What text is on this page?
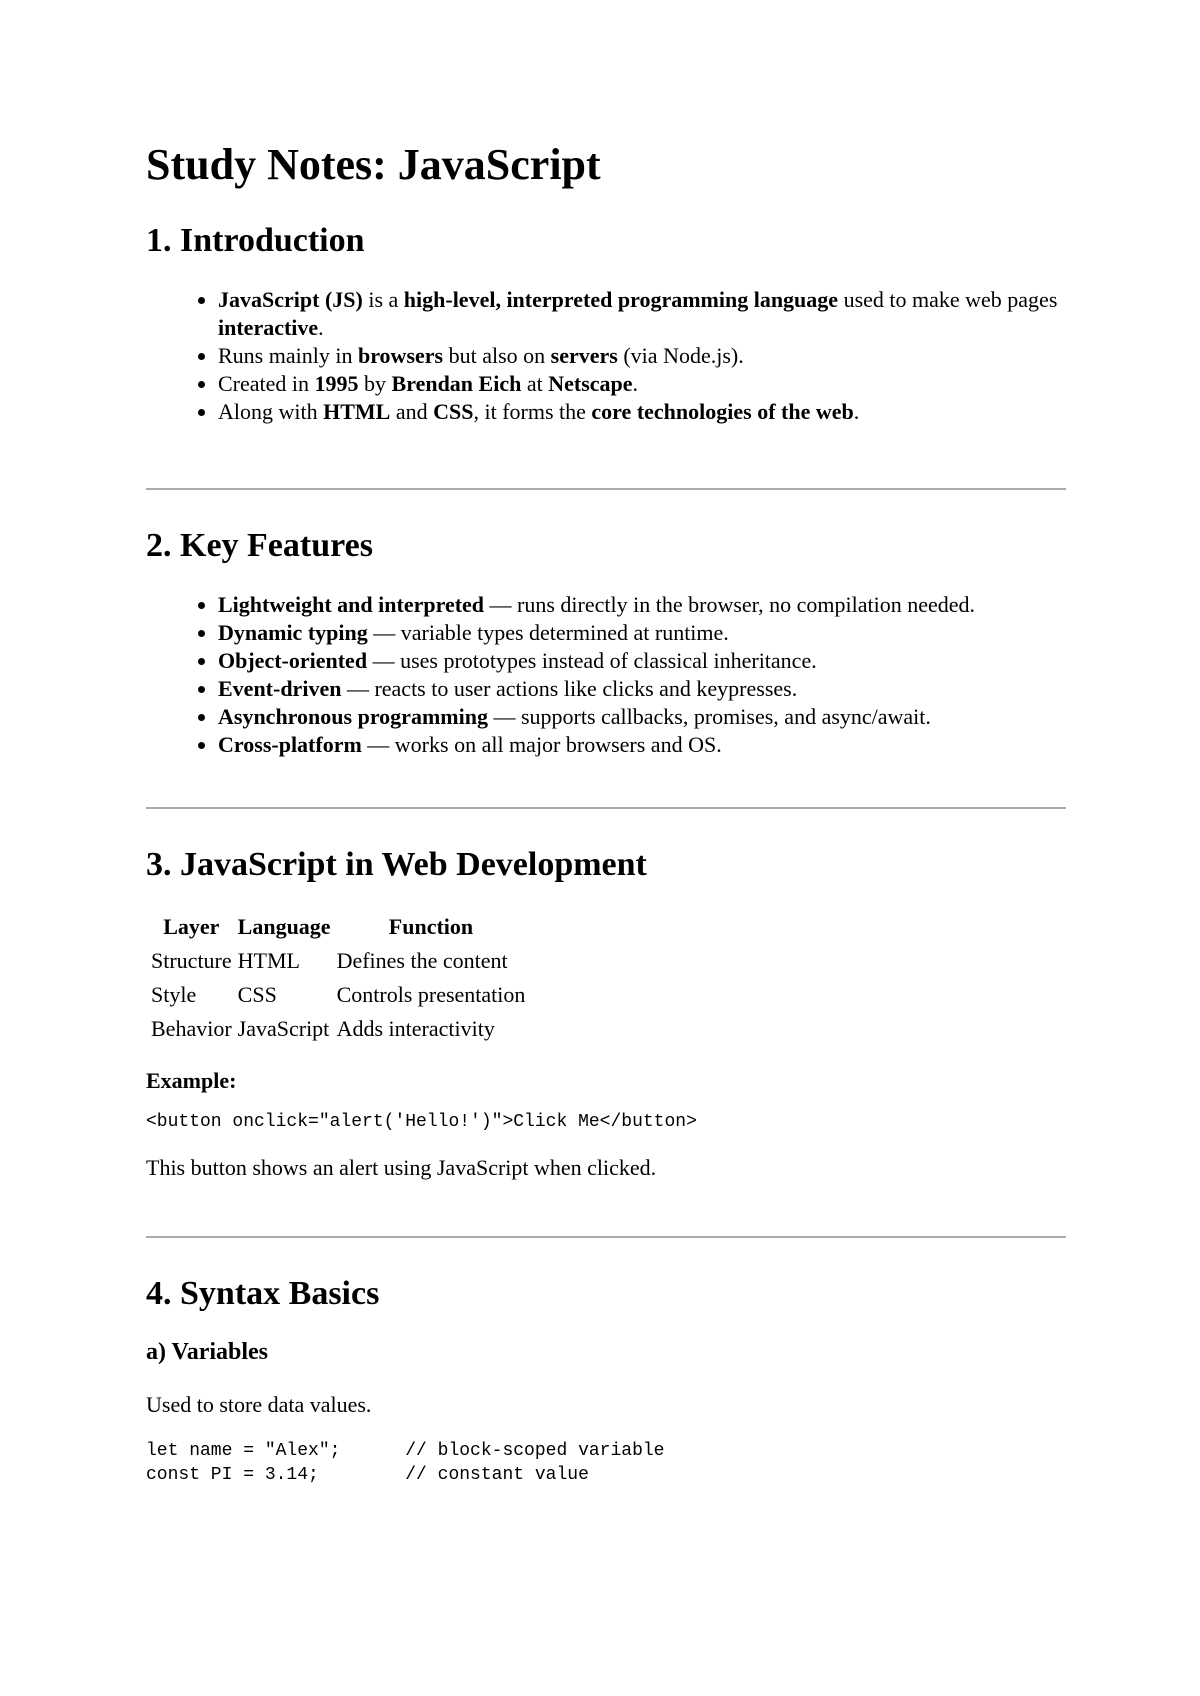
Study Notes: JavaScript
1. Introduction
• JavaScript (JS) is a high-level, interpreted programming language used to make web pages interactive.
• Runs mainly in browsers but also on servers (via Node.js).
• Created in 1995 by Brendan Eich at Netscape.
• Along with HTML and CSS, it forms the core technologies of the web.
2. Key Features
• Lightweight and interpreted — runs directly in the browser, no compilation needed.
• Dynamic typing — variable types determined at runtime.
• Object-oriented — uses prototypes instead of classical inheritance.
• Event-driven — reacts to user actions like clicks and keypresses.
• Asynchronous programming — supports callbacks, promises, and async/await.
• Cross-platform — works on all major browsers and OS.
3. JavaScript in Web Development
Layer	Language	Function
Structure	HTML	Defines the content
Style	CSS	Controls presentation
Behavior	JavaScript	Adds interactivity
Example:
<button onclick="alert('Hello!')">Click Me</button>

This button shows an alert using JavaScript when clicked.

4. Syntax Basics
a) Variables

Used to store data values.

let name = "Alex";      // block-scoped variable
const PI = 3.14;        // constant value
